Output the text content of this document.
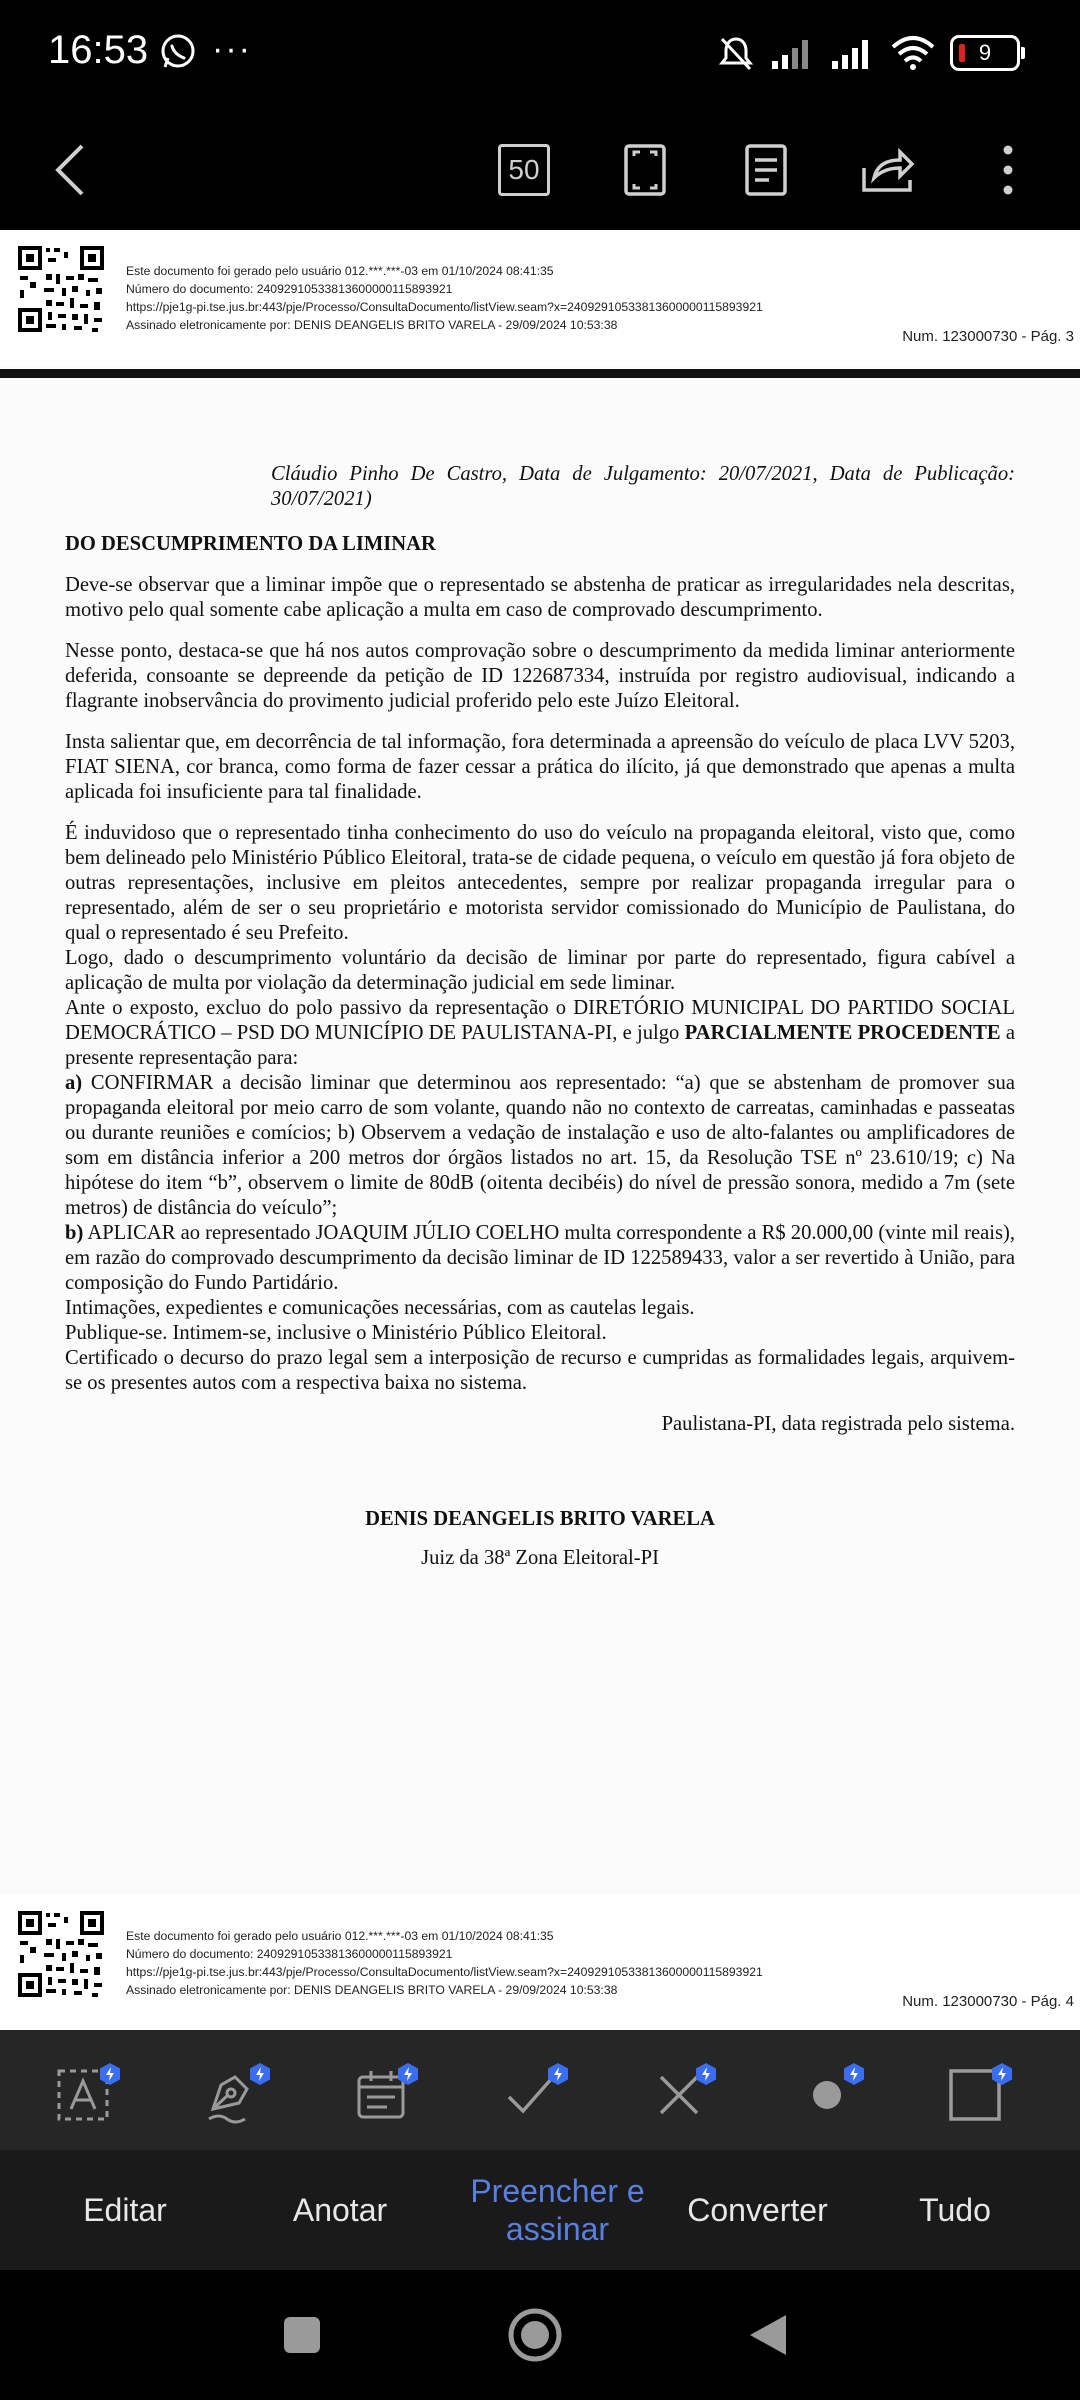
16:53 ···	9
50
Este documento foi gerado pelo usuário 012.***.***-03 em 01/10/2024 08:41:35
Número do documento: 24092910533813600000115893921
https://pje1g-pi.tse.jus.br:443/pje/Processo/ConsultaDocumento/listView.seam?x=24092910533813600000115893921
Assinado eletronicamente por: DENIS DEANGELIS BRITO VARELA - 29/09/2024 10:53:38
Num. 123000730 - Pág. 3
Cláudio Pinho De Castro, Data de Julgamento: 20/07/2021, Data de Publicação: 30/07/2021)
DO DESCUMPRIMENTO DA LIMINAR
Deve-se observar que a liminar impõe que o representado se abstenha de praticar as irregularidades nela descritas, motivo pelo qual somente cabe aplicação a multa em caso de comprovado descumprimento.
Nesse ponto, destaca-se que há nos autos comprovação sobre o descumprimento da medida liminar anteriormente deferida, consoante se depreende da petição de ID 122687334, instruída por registro audiovisual, indicando a flagrante inobservância do provimento judicial proferido pelo este Juízo Eleitoral.
Insta salientar que, em decorrência de tal informação, fora determinada a apreensão do veículo de placa LVV 5203, FIAT SIENA, cor branca, como forma de fazer cessar a prática do ilícito, já que demonstrado que apenas a multa aplicada foi insuficiente para tal finalidade.
É induvidoso que o representado tinha conhecimento do uso do veículo na propaganda eleitoral, visto que, como bem delineado pelo Ministério Público Eleitoral, trata-se de cidade pequena, o veículo em questão já fora objeto de outras representações, inclusive em pleitos antecedentes, sempre por realizar propaganda irregular para o representado, além de ser o seu proprietário e motorista servidor comissionado do Município de Paulistana, do qual o representado é seu Prefeito.
Logo, dado o descumprimento voluntário da decisão de liminar por parte do representado, figura cabível a aplicação de multa por violação da determinação judicial em sede liminar.
Ante o exposto, excluo do polo passivo da representação o DIRETÓRIO MUNICIPAL DO PARTIDO SOCIAL DEMOCRÁTICO – PSD DO MUNICÍPIO DE PAULISTANA-PI, e julgo PARCIALMENTE PROCEDENTE a presente representação para:
a) CONFIRMAR a decisão liminar que determinou aos representado: “a) que se abstenham de promover sua propaganda eleitoral por meio carro de som volante, quando não no contexto de carreatas, caminhadas e passeatas ou durante reuniões e comícios; b) Observem a vedação de instalação e uso de alto-falantes ou amplificadores de som em distância inferior a 200 metros dor órgãos listados no art. 15, da Resolução TSE nº 23.610/19; c) Na hipótese do item “b”, observem o limite de 80dB (oitenta decibéis) do nível de pressão sonora, medido a 7m (sete metros) de distância do veículo”;
b) APLICAR ao representado JOAQUIM JÚLIO COELHO multa correspondente a R$ 20.000,00 (vinte mil reais), em razão do comprovado descumprimento da decisão liminar de ID 122589433, valor a ser revertido à União, para composição do Fundo Partidário.
Intimações, expedientes e comunicações necessárias, com as cautelas legais.
Publique-se. Intimem-se, inclusive o Ministério Público Eleitoral.
Certificado o decurso do prazo legal sem a interposição de recurso e cumpridas as formalidades legais, arquivem-se os presentes autos com a respectiva baixa no sistema.
Paulistana-PI, data registrada pelo sistema.
DENIS DEANGELIS BRITO VARELA
Juiz da 38ª Zona Eleitoral-PI
Este documento foi gerado pelo usuário 012.***.***-03 em 01/10/2024 08:41:35
Número do documento: 24092910533813600000115893921
https://pje1g-pi.tse.jus.br:443/pje/Processo/ConsultaDocumento/listView.seam?x=24092910533813600000115893921
Assinado eletronicamente por: DENIS DEANGELIS BRITO VARELA - 29/09/2024 10:53:38
Num. 123000730 - Pág. 4
Editar	Anotar
Preencher e assinar
Converter	Tudo
